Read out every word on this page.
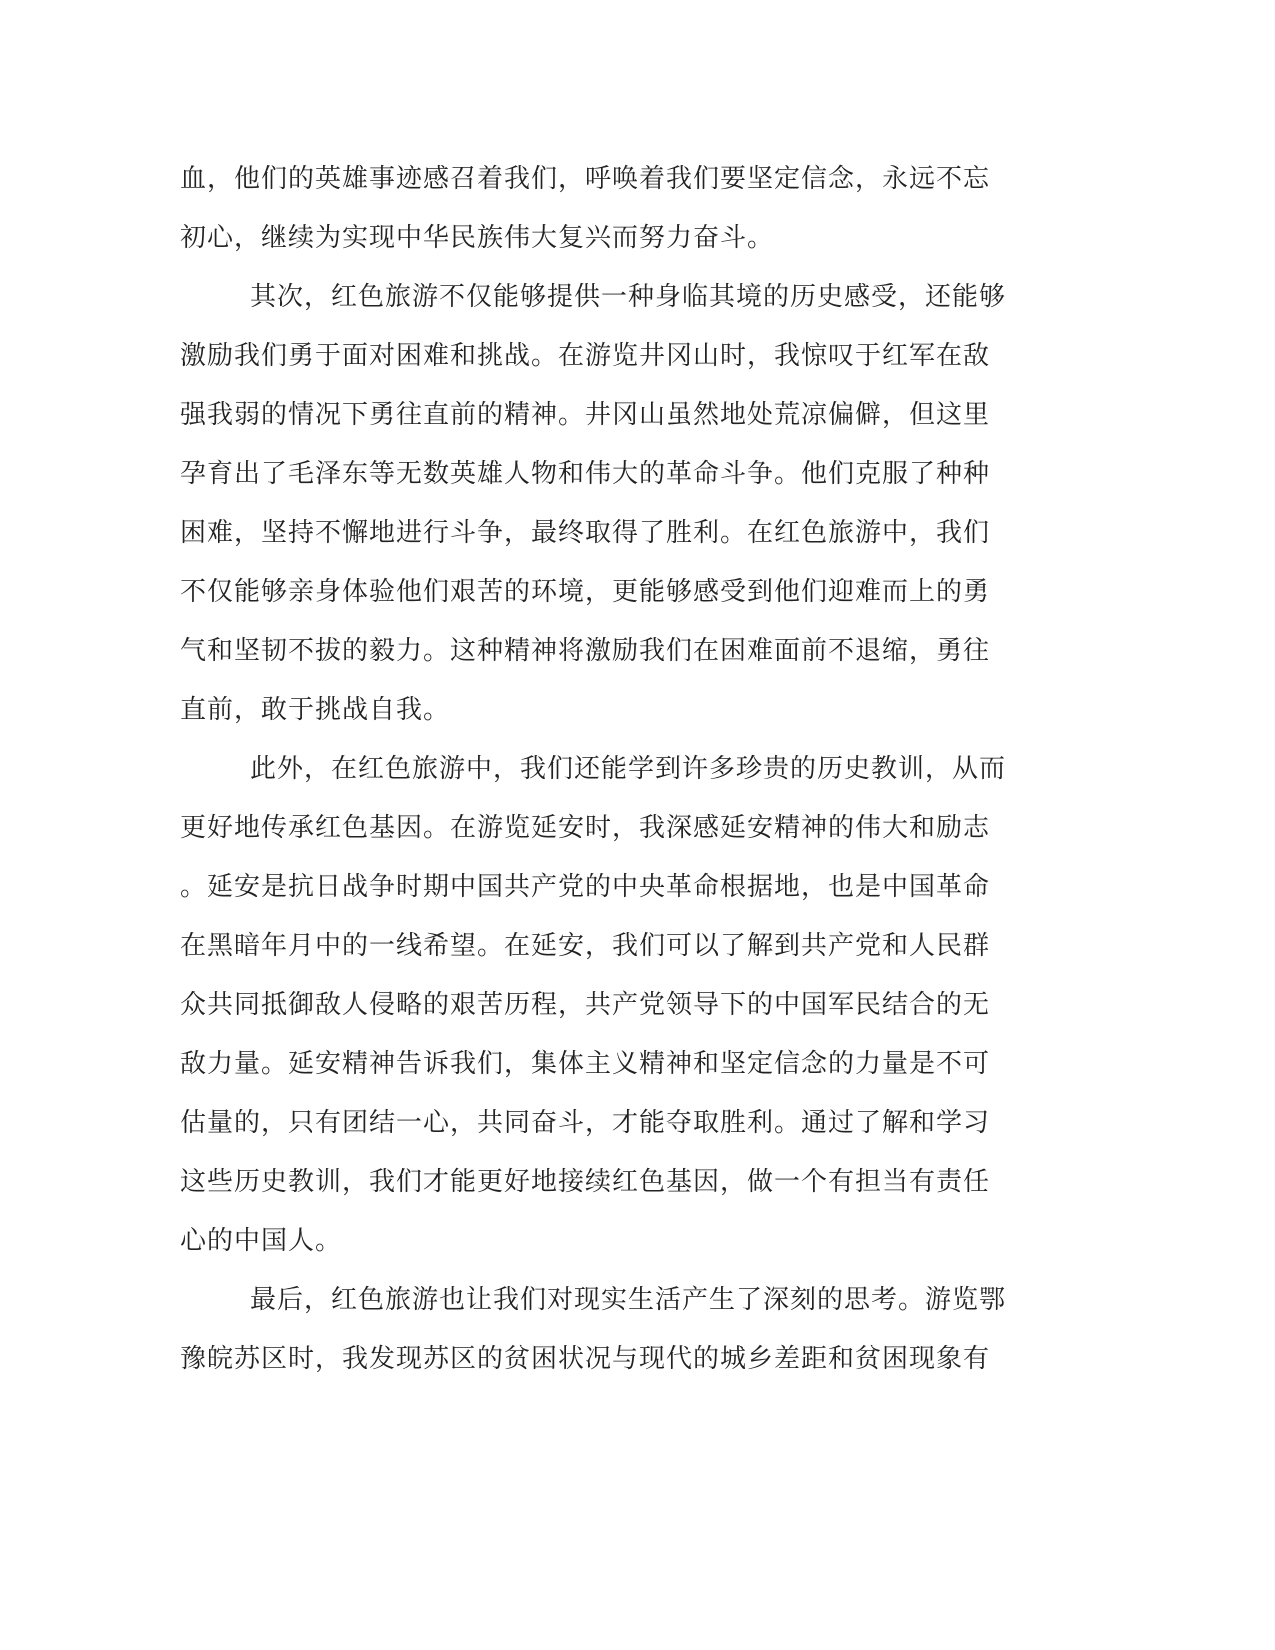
血，他们的英雄事迹感召着我们，呼唤着我们要坚定信念，永远不忘
初心，继续为实现中华民族伟大复兴而努力奋斗。
其次，红色旅游不仅能够提供一种身临其境的历史感受，还能够
激励我们勇于面对困难和挑战。在游览井冈山时，我惊叹于红军在敌
强我弱的情况下勇往直前的精神。井冈山虽然地处荒凉偏僻，但这里
孕育出了毛泽东等无数英雄人物和伟大的革命斗争。他们克服了种种
困难，坚持不懈地进行斗争，最终取得了胜利。在红色旅游中，我们
不仅能够亲身体验他们艰苦的环境，更能够感受到他们迎难而上的勇
气和坚韧不拔的毅力。这种精神将激励我们在困难面前不退缩，勇往
直前，敢于挑战自我。
此外，在红色旅游中，我们还能学到许多珍贵的历史教训，从而
更好地传承红色基因。在游览延安时，我深感延安精神的伟大和励志
。延安是抗日战争时期中国共产党的中央革命根据地，也是中国革命
在黑暗年月中的一线希望。在延安，我们可以了解到共产党和人民群
众共同抵御敌人侵略的艰苦历程，共产党领导下的中国军民结合的无
敌力量。延安精神告诉我们，集体主义精神和坚定信念的力量是不可
估量的，只有团结一心，共同奋斗，才能夺取胜利。通过了解和学习
这些历史教训，我们才能更好地接续红色基因，做一个有担当有责任
心的中国人。
最后，红色旅游也让我们对现实生活产生了深刻的思考。游览鄂
豫皖苏区时，我发现苏区的贫困状况与现代的城乡差距和贫困现象有
